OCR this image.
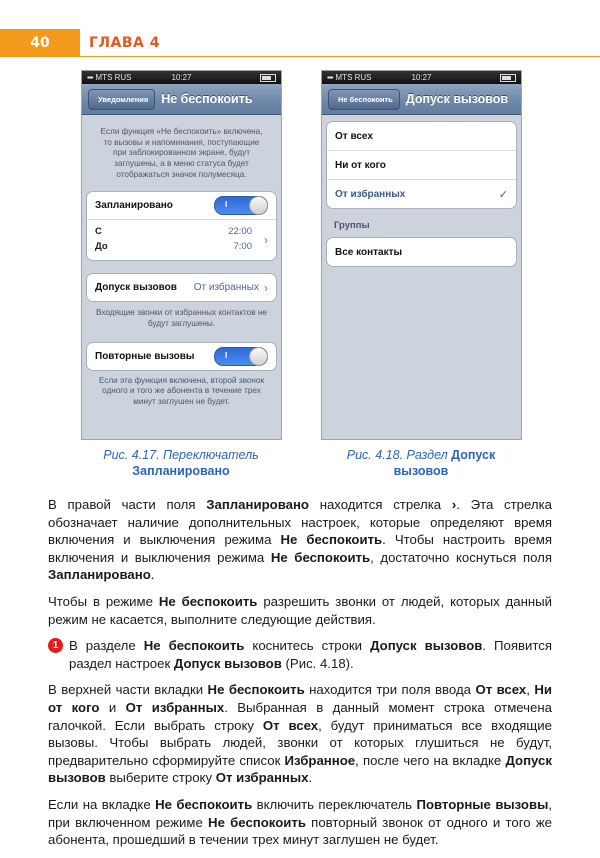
40	ГЛАВА 4
▪▪▪ MTS RUS	10:27
Уведомления	Не беспокоить
Если функция «Не беспокоить» включена, то вызовы и напоминания, поступающие при заблокированном экране, будут заглушены, а в меню статуса будет отображаться значок полумесяца.
Запланировано	I
С	22:00
До	7:00 ›
Допуск вызовов От избранных ›
Входящие звонки от избранных контактов не будут заглушены.
Повторные вызовы	I
Если эта функция включена, второй звонок одного и того же абонента в течение трех минут заглушен не будет.
▪▪▪ MTS RUS	10:27
Не беспокоить	Допуск вызовов
От всех
Ни от кого
От избранных	✓
Группы
Все контакты
Рис. 4.17. Переключатель
Запланировано
Рис. 4.18. Раздел Допуск вызовов

В правой части поля Запланировано находится стрелка ›. Эта стрелка обозначает наличие дополнительных настроек, которые определяют время включения и выключения режима Не беспокоить. Чтобы настроить время включения и выключения режима Не беспокоить, достаточно коснуться поля Запланировано.

Чтобы в режиме Не беспокоить разрешить звонки от людей, которых данный режим не касается, выполните следующие действия.

1 В разделе Не беспокоить коснитесь строки Допуск вызовов. Появится раздел настроек Допуск вызовов (Рис. 4.18).

В верхней части вкладки Не беспокоить находится три поля ввода От всех, Ни от кого и От избранных. Выбранная в данный момент строка отмечена галочкой. Если выбрать строку От всех, будут приниматься все входящие вызовы. Чтобы выбрать людей, звонки от которых глушиться не будут, предварительно сформируйте список Избранное, после чего на вкладке Допуск вызовов выберите строку От избранных.

Если на вкладке Не беспокоить включить переключатель Повторные вызовы, при включенном режиме Не беспокоить повторный звонок от одного и того же абонента, прошедший в течении трех минут заглушен не будет.
